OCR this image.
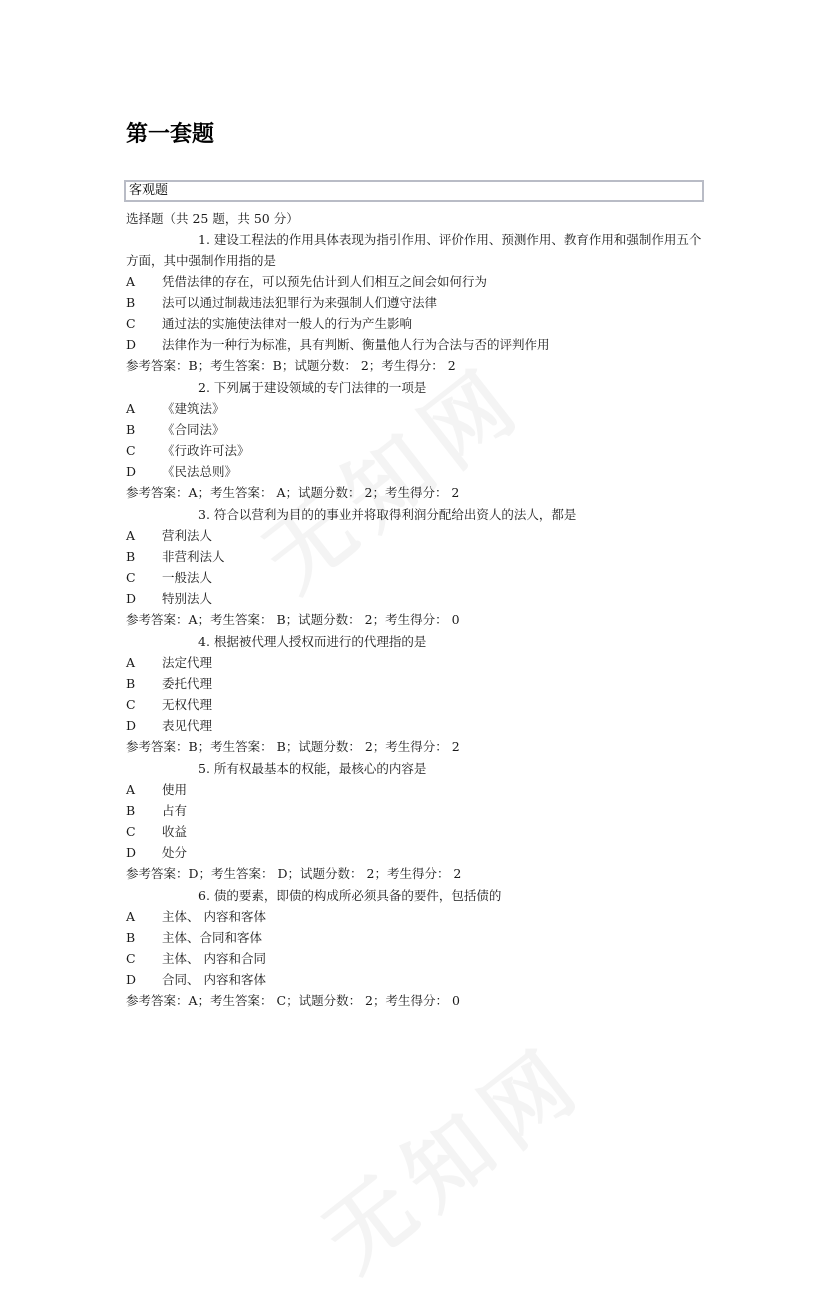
第一套题
客观题
选择题（共 25 题，共 50 分）

1. 建设工程法的作用具体表现为指引作用、评价作用、预测作用、教育作用和强制作用五个方面，其中强制作用指的是

A	凭借法律的存在，可以预先估计到人们相互之间会如何行为
B	法可以通过制裁违法犯罪行为来强制人们遵守法律
C	通过法的实施使法律对一般人的行为产生影响
D	法律作为一种行为标准，具有判断、衡量他人行为合法与否的评判作用
参考答案：B；考生答案：B；试题分数： 2；考生得分： 2

2. 下列属于建设领域的专门法律的一项是

A	《建筑法》
B	《合同法》
C	《行政许可法》
D	《民法总则》
参考答案：A；考生答案： A；试题分数： 2；考生得分： 2

3. 符合以营利为目的的事业并将取得利润分配给出资人的法人，都是

A	营利法人
B	非营利法人
C	一般法人
D	特别法人
参考答案：A；考生答案： B；试题分数： 2；考生得分： 0

4. 根据被代理人授权而进行的代理指的是

A	法定代理
B	委托代理
C	无权代理
D	表见代理
参考答案：B；考生答案： B；试题分数： 2；考生得分： 2

5. 所有权最基本的权能，最核心的内容是

A	使用
B	占有
C	收益
D	处分
参考答案：D；考生答案： D；试题分数： 2；考生得分： 2

6. 债的要素，即债的构成所必须具备的要件，包括债的

A	主体、 内容和客体
B	主体、合同和客体
C	主体、 内容和合同
D	合同、 内容和客体
参考答案：A；考生答案： C；试题分数： 2；考生得分： 0
